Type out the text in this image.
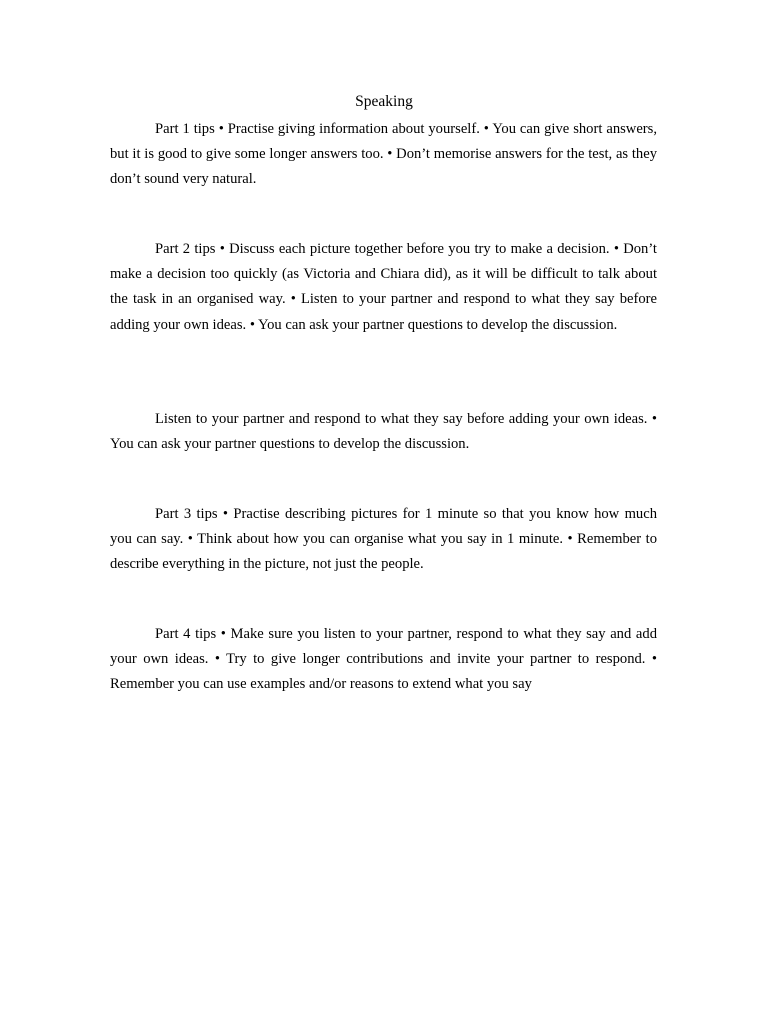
Speaking

Part 1 tips • Practise giving information about yourself. • You can give short answers, but it is good to give some longer answers too. • Don’t memorise answers for the test, as they don’t sound very natural.

Part 2 tips • Discuss each picture together before you try to make a decision. • Don’t make a decision too quickly (as Victoria and Chiara did), as it will be difficult to talk about the task in an organised way. • Listen to your partner and respond to what they say before adding your own ideas. • You can ask your partner questions to develop the discussion.

Listen to your partner and respond to what they say before adding your own ideas. • You can ask your partner questions to develop the discussion.

Part 3 tips • Practise describing pictures for 1 minute so that you know how much you can say. • Think about how you can organise what you say in 1 minute. • Remember to describe everything in the picture, not just the people.

Part 4 tips • Make sure you listen to your partner, respond to what they say and add your own ideas. • Try to give longer contributions and invite your partner to respond. • Remember you can use examples and/or reasons to extend what you say
